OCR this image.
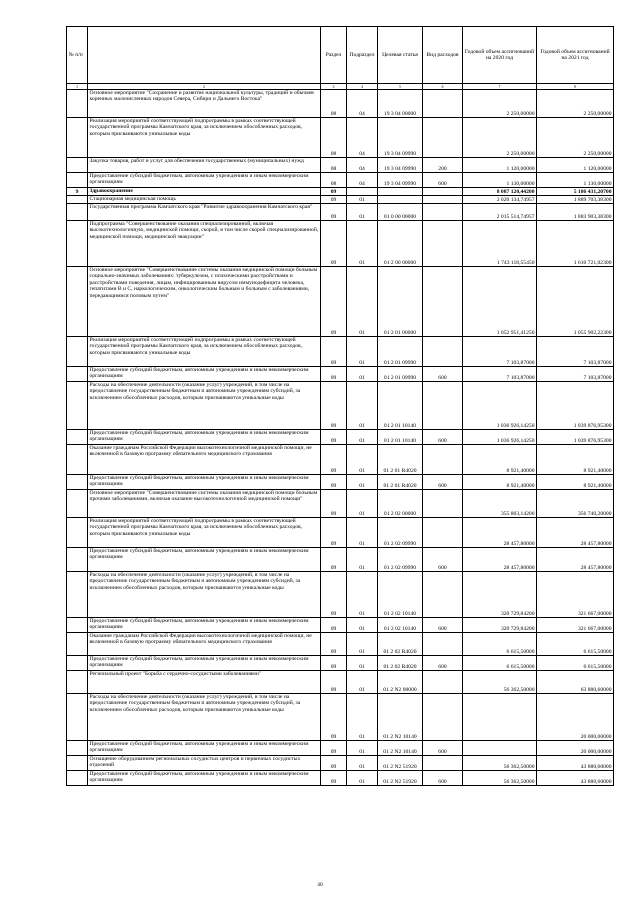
№ п/п		Раздел	Подраздел	Целевая статья	Вид расходов	Годовой объем ассигнований на 2020 год	Годовой объем ассигнований на 2021 год
1	2	3	4	5	6	7	8
	Основное мероприятие "Сохранение и развитие национальной культуры, традиций и обычаев коренных малочисленных народов Севера, Сибири и Дальнего Востока"	08	04	19 3 04 00000		2 250,00000	2 250,00000
	Реализация мероприятий соответствующей подпрограммы в рамках соответствующей государственной программы Камчатского края, за исключением обособленных расходов, которым присваиваются уникальные коды	08	04	19 3 04 09990		2 250,00000	2 250,00000
	Закупка товаров, работ и услуг для обеспечения государственных (муниципальных) нужд	08	04	19 3 04 09990	200	1 120,00000	1 120,00000
	Предоставление субсидий бюджетным, автономным учреждениям и иным некоммерческим организациям	08	04	19 3 04 09990	600	1 130,00000	1 130,00000
9	Здравоохранение	09				8 087 120,44200	5 186 431,20700
	Стационарная медицинская помощь	09	01			2 020 134,74957	1 889 703,38300
	Государственная программа Камчатского края "Развитие здравоохранения Камчатского края"	09	01	01 0 00 00000		2 015 514,74957	1 883 903,38300
	Подпрограмма "Совершенствование оказания специализированной, включая высокотехнологичную, медицинской помощи, скорой, в том числе скорой специализированной, медицинской помощи, медицинской эвакуации"	09	01	01 2 00 00000		1 743 118,55450	1 610 721,02300
	Основное мероприятие "Совершенствование системы оказания медицинской помощи больным социально-значимых заболеваниях: туберкулезом, с психическими расстройствами и расстройствами поведения, лицам, инфицированным вирусом иммунодефицита человека, гепатитами В и С, наркологическим, онкологическим больным и больным с заболеваниями, передающимися половым путем"	09	01	01 2 01 00000		1 052 951,41250	1 055 902,22300
	Реализация мероприятий соответствующей подпрограммы в рамках соответствующей государственной программы Камчатского края, за исключением обособленных расходов, которым присваиваются уникальные коды	09	01	01 2 01 09990		7 103,87000	7 103,87000
	Предоставление субсидий бюджетным, автономным учреждениям и иным некоммерческим организациям	09	01	01 2 01 09990	600	7 103,87000	7 103,87000
	Расходы на обеспечение деятельности (оказание услуг) учреждений, в том числе на предоставление государственным бюджетным и автономным учреждениям субсидий, за исключением обособленных расходов, которым присваиваются уникальные коды	09	01	01 2 01 10140		1 036 926,14250	1 039 876,95300
	Предоставление субсидий бюджетным, автономным учреждениям и иным некоммерческим организациям	09	01	01 2 01 10140	600	1 036 926,14250	1 039 876,95300
	Оказание гражданам Российской Федерации высокотехнологичной медицинской помощи, не включенной в базовую программу обязательного медицинского страхования	09	01	01 2 01 R4020		8 921,40000	8 921,40000
	Предоставление субсидий бюджетным, автономным учреждениям и иным некоммерческим организациям	09	01	01 2 01 R4020	600	8 921,40000	8 921,40000
	Основное мероприятие "Совершенствование системы оказания медицинской помощи больным прочими заболеваниями, включая оказание высокотехнологичной медицинской помощи"	09	01	01 2 02 00000		355 803,14200	356 740,20000
	Реализация мероприятий соответствующей подпрограммы в рамках соответствующей государственной программы Камчатского края, за исключением обособленных расходов, которым присваиваются уникальные коды	09	01	01 2 02 09990		28 457,80000	28 457,80000
	Предоставление субсидий бюджетным, автономным учреждениям и иным некоммерческим организациям	09	01	01 2 02 09990	600	28 457,80000	28 457,80000
	Расходы на обеспечение деятельности (оказание услуг) учреждений, в том числе на предоставление государственным бюджетным и автономным учреждениям субсидий, за исключением обособленных расходов, которым присваиваются уникальные коды	09	01	01 2 02 10140		320 729,84200	321 667,00000
	Предоставление субсидий бюджетным, автономным учреждениям и иным некоммерческим организациям	09	01	01 2 02 10140	600	320 729,84200	321 667,00000
	Оказание гражданам Российской Федерации высокотехнологичной медицинской помощи, не включенной в базовую программу обязательного медицинского страхования	09	01	01 2 02 R4020		6 615,50000	6 615,50000
	Предоставление субсидий бюджетным, автономным учреждениям и иным некоммерческим организациям	09	01	01 2 02 R4020	600	6 615,50000	6 615,50000
	Региональный проект "Борьба с сердечно-сосудистыми заболеваниями"	09	01	01 2 N2 00000		56 362,50000	63 880,60000
	Расходы на обеспечение деятельности (оказание услуг) учреждений, в том числе на предоставление государственным бюджетным и автономным учреждениям субсидий, за исключением обособленных расходов, которым присваиваются уникальные коды	09	01	01 2 N2 10140			20 000,00000
	Предоставление субсидий бюджетным, автономным учреждениям и иным некоммерческим организациям	09	01	01 2 N2 10140	600		20 000,00000
	Оснащение оборудованием региональных сосудистых центров и первичных сосудистых отделений	09	01	01 2 N2 51920		56 362,50000	43 880,60000
	Предоставление субсидий бюджетным, автономным учреждениям и иным некоммерческим организациям	09	01	01 2 N2 51920	600	56 362,50000	43 880,60000
40
